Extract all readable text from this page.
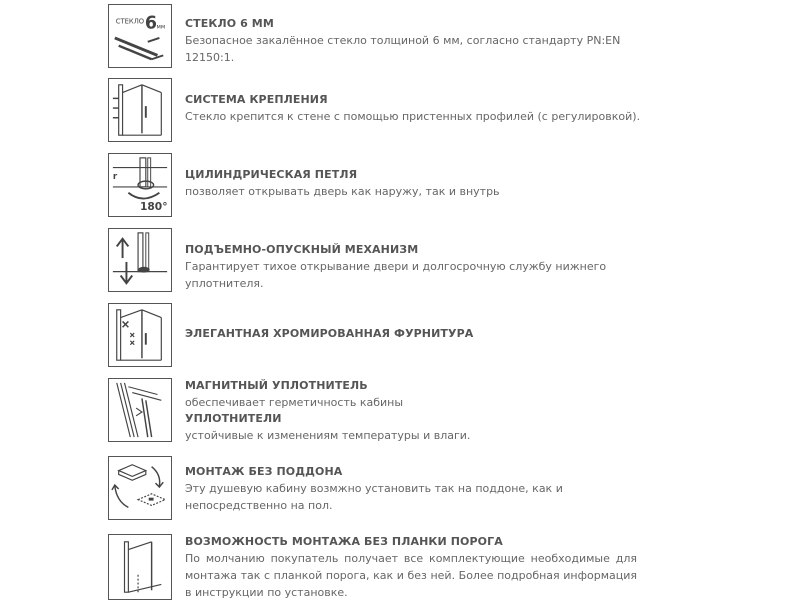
СТЕКЛО 6 мм СТЕКЛО 6 ММ
Безопасное закалённое стекло толщиной 6 мм, согласно стандарту PN:EN 12150:1.
СИСТЕМА КРЕПЛЕНИЯ
Стекло крепится к стене с помощью пристенных профилей (с регулировкой).
180°
r	ЦИЛИНДРИЧЕСКАЯ ПЕТЛЯ
позволяет открывать дверь как наружу, так и внутрь
ПОДЪЕМНО-ОПУСКНЫЙ МЕХАНИЗМ
Гарантирует тихое открывание двери и долгосрочную службу нижнего уплотнителя.
ЭЛЕГАНТНАЯ ХРОМИРОВАННАЯ ФУРНИТУРА
МАГНИТНЫЙ УПЛОТНИТЕЛЬ
обеспечивает герметичность кабины
УПЛОТНИТЕЛИ
устойчивые к изменениям температуры и влаги.
МОНТАЖ БЕЗ ПОДДОНА
Эту душевую кабину возмжно установить так на поддоне, как и непосредственно на пол.
ВОЗМОЖНОСТЬ МОНТАЖА БЕЗ ПЛАНКИ ПОРОГА
По молчанию покупатель получает все комплектующие необходимые для монтажа так с планкой порога, как и без ней. Более подробная информация в инструкции по установке.
